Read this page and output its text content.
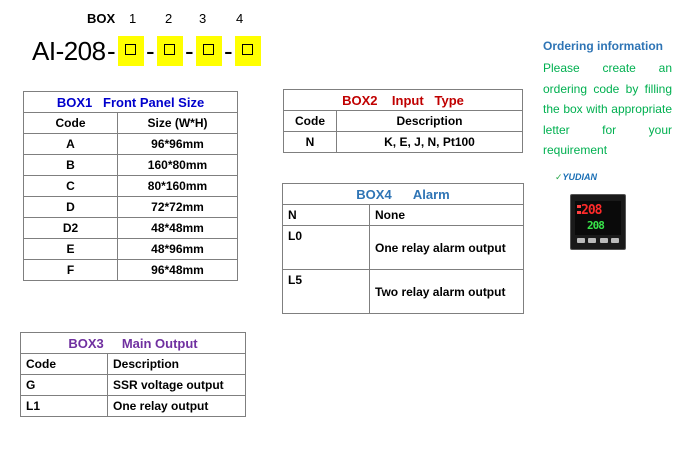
BOX 1 2 3 4
AI-208 - - - -
BOX1   Front Panel Size	
Code	Size (W*H)
A	96*96mm
B	160*80mm
C	80*160mm
D	72*72mm
D2	48*48mm
E	48*96mm
F	96*48mm
BOX2    Input   Type	
Code	Description
N	K, E, J, N, Pt100
BOX4      Alarm	
N	None
L0	One relay alarm output
L5	Two relay alarm output
BOX3     Main Output	
Code	Description
G	SSR voltage output
L1	One relay output
Ordering information
Please create an ordering code by filling the box with appropriate letter for your requirement
✓YUDIAN
208
208
